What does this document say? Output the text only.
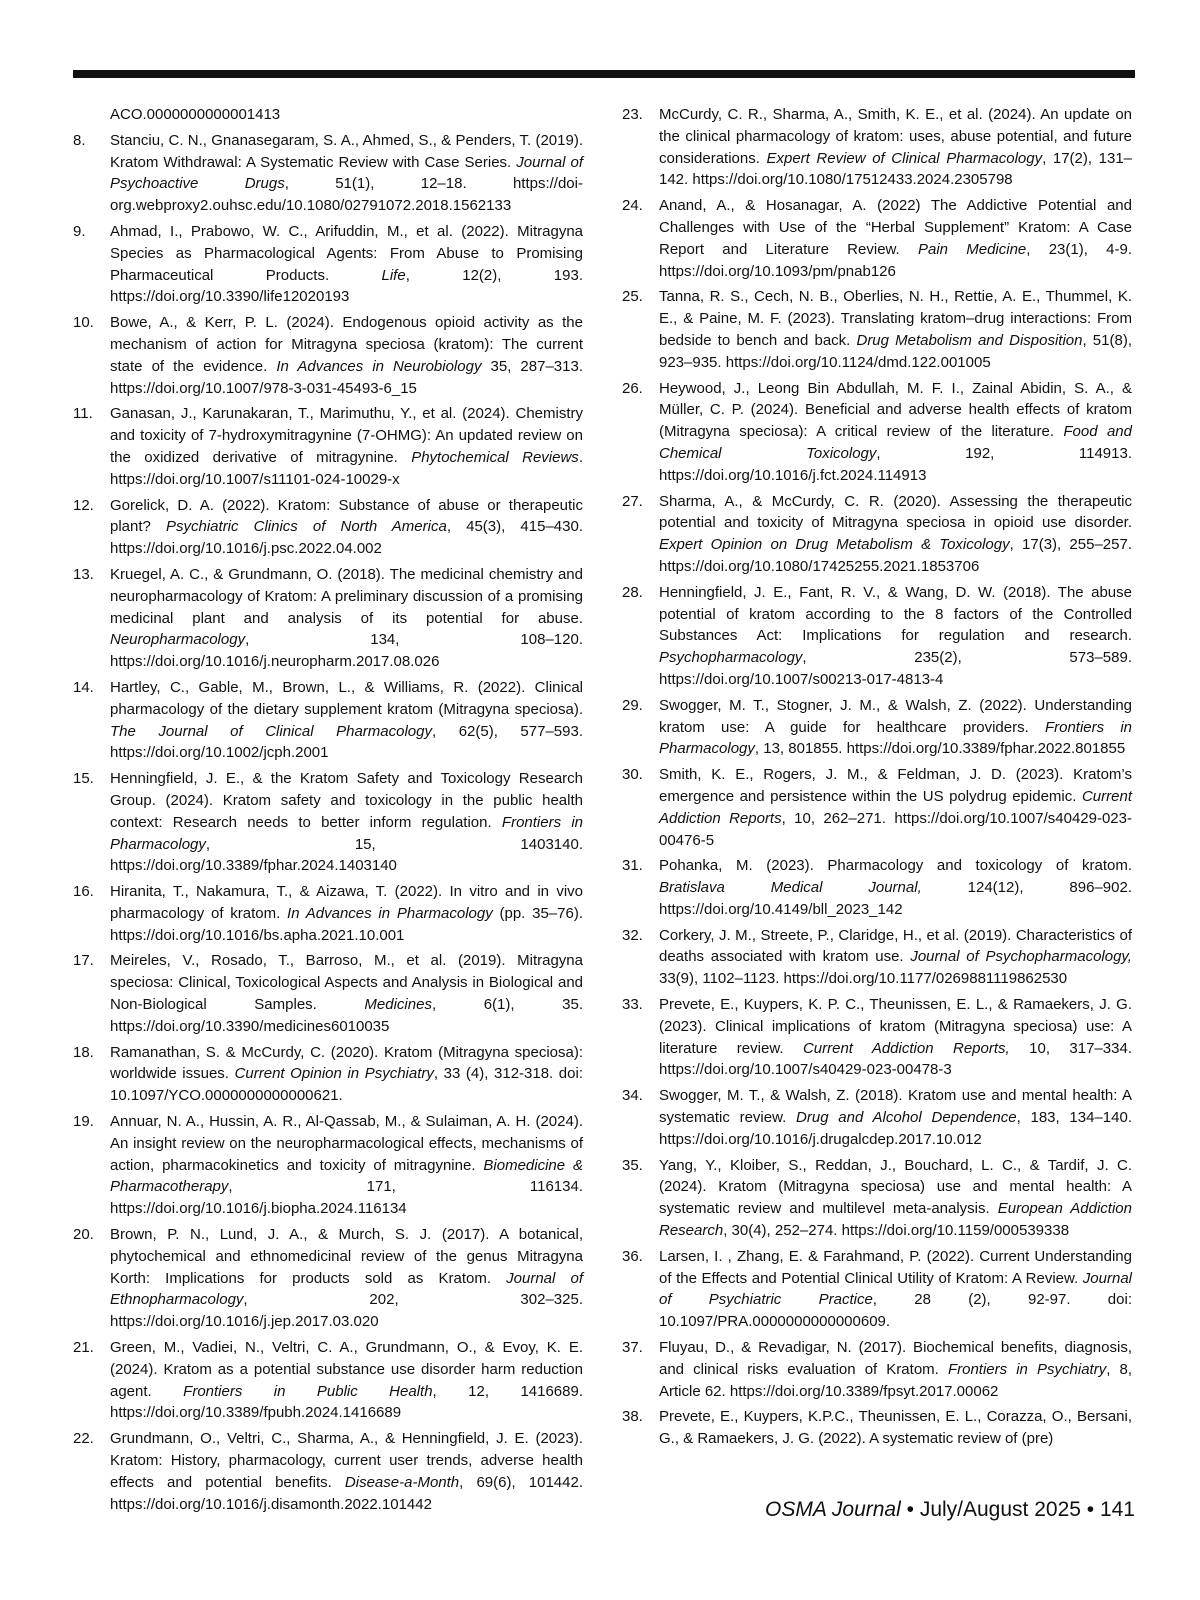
ACO.0000000000001413
8. Stanciu, C. N., Gnanasegaram, S. A., Ahmed, S., & Penders, T. (2019). Kratom Withdrawal: A Systematic Review with Case Series. Journal of Psychoactive Drugs, 51(1), 12–18. https://doi-org.webproxy2.ouhsc.edu/10.1080/02791072.2018.1562133
9. Ahmad, I., Prabowo, W. C., Arifuddin, M., et al. (2022). Mitragyna Species as Pharmacological Agents: From Abuse to Promising Pharmaceutical Products. Life, 12(2), 193. https://doi.org/10.3390/life12020193
10. Bowe, A., & Kerr, P. L. (2024). Endogenous opioid activity as the mechanism of action for Mitragyna speciosa (kratom): The current state of the evidence. In Advances in Neurobiology 35, 287–313. https://doi.org/10.1007/978-3-031-45493-6_15
11. Ganasan, J., Karunakaran, T., Marimuthu, Y., et al. (2024). Chemistry and toxicity of 7-hydroxymitragynine (7-OHMG): An updated review on the oxidized derivative of mitragynine. Phytochemical Reviews. https://doi.org/10.1007/s11101-024-10029-x
12. Gorelick, D. A. (2022). Kratom: Substance of abuse or therapeutic plant? Psychiatric Clinics of North America, 45(3), 415–430. https://doi.org/10.1016/j.psc.2022.04.002
13. Kruegel, A. C., & Grundmann, O. (2018). The medicinal chemistry and neuropharmacology of Kratom: A preliminary discussion of a promising medicinal plant and analysis of its potential for abuse. Neuropharmacology, 134, 108–120. https://doi.org/10.1016/j.neuropharm.2017.08.026
14. Hartley, C., Gable, M., Brown, L., & Williams, R. (2022). Clinical pharmacology of the dietary supplement kratom (Mitragyna speciosa). The Journal of Clinical Pharmacology, 62(5), 577–593. https://doi.org/10.1002/jcph.2001
15. Henningfield, J. E., & the Kratom Safety and Toxicology Research Group. (2024). Kratom safety and toxicology in the public health context: Research needs to better inform regulation. Frontiers in Pharmacology, 15, 1403140. https://doi.org/10.3389/fphar.2024.1403140
16. Hiranita, T., Nakamura, T., & Aizawa, T. (2022). In vitro and in vivo pharmacology of kratom. In Advances in Pharmacology (pp. 35–76). https://doi.org/10.1016/bs.apha.2021.10.001
17. Meireles, V., Rosado, T., Barroso, M., et al. (2019). Mitragyna speciosa: Clinical, Toxicological Aspects and Analysis in Biological and Non-Biological Samples. Medicines, 6(1), 35. https://doi.org/10.3390/medicines6010035
18. Ramanathan, S. & McCurdy, C. (2020). Kratom (Mitragyna speciosa): worldwide issues. Current Opinion in Psychiatry, 33 (4), 312-318. doi: 10.1097/YCO.0000000000000621.
19. Annuar, N. A., Hussin, A. R., Al-Qassab, M., & Sulaiman, A. H. (2024). An insight review on the neuropharmacological effects, mechanisms of action, pharmacokinetics and toxicity of mitragynine. Biomedicine & Pharmacotherapy, 171, 116134. https://doi.org/10.1016/j.biopha.2024.116134
20. Brown, P. N., Lund, J. A., & Murch, S. J. (2017). A botanical, phytochemical and ethnomedicinal review of the genus Mitragyna Korth: Implications for products sold as Kratom. Journal of Ethnopharmacology, 202, 302–325. https://doi.org/10.1016/j.jep.2017.03.020
21. Green, M., Vadiei, N., Veltri, C. A., Grundmann, O., & Evoy, K. E. (2024). Kratom as a potential substance use disorder harm reduction agent. Frontiers in Public Health, 12, 1416689. https://doi.org/10.3389/fpubh.2024.1416689
22. Grundmann, O., Veltri, C., Sharma, A., & Henningfield, J. E. (2023). Kratom: History, pharmacology, current user trends, adverse health effects and potential benefits. Disease-a-Month, 69(6), 101442. https://doi.org/10.1016/j.disamonth.2022.101442
23. McCurdy, C. R., Sharma, A., Smith, K. E., et al. (2024). An update on the clinical pharmacology of kratom: uses, abuse potential, and future considerations. Expert Review of Clinical Pharmacology, 17(2), 131–142. https://doi.org/10.1080/17512433.2024.2305798
24. Anand, A., & Hosanagar, A. (2022) The Addictive Potential and Challenges with Use of the “Herbal Supplement” Kratom: A Case Report and Literature Review. Pain Medicine, 23(1), 4-9. https://doi.org/10.1093/pm/pnab126
25. Tanna, R. S., Cech, N. B., Oberlies, N. H., Rettie, A. E., Thummel, K. E., & Paine, M. F. (2023). Translating kratom–drug interactions: From bedside to bench and back. Drug Metabolism and Disposition, 51(8), 923–935. https://doi.org/10.1124/dmd.122.001005
26. Heywood, J., Leong Bin Abdullah, M. F. I., Zainal Abidin, S. A., & Müller, C. P. (2024). Beneficial and adverse health effects of kratom (Mitragyna speciosa): A critical review of the literature. Food and Chemical Toxicology, 192, 114913. https://doi.org/10.1016/j.fct.2024.114913
27. Sharma, A., & McCurdy, C. R. (2020). Assessing the therapeutic potential and toxicity of Mitragyna speciosa in opioid use disorder. Expert Opinion on Drug Metabolism & Toxicology, 17(3), 255–257. https://doi.org/10.1080/17425255.2021.1853706
28. Henningfield, J. E., Fant, R. V., & Wang, D. W. (2018). The abuse potential of kratom according to the 8 factors of the Controlled Substances Act: Implications for regulation and research. Psychopharmacology, 235(2), 573–589. https://doi.org/10.1007/s00213-017-4813-4
29. Swogger, M. T., Stogner, J. M., & Walsh, Z. (2022). Understanding kratom use: A guide for healthcare providers. Frontiers in Pharmacology, 13, 801855. https://doi.org/10.3389/fphar.2022.801855
30. Smith, K. E., Rogers, J. M., & Feldman, J. D. (2023). Kratom’s emergence and persistence within the US polydrug epidemic. Current Addiction Reports, 10, 262–271. https://doi.org/10.1007/s40429-023-00476-5
31. Pohanka, M. (2023). Pharmacology and toxicology of kratom. Bratislava Medical Journal, 124(12), 896–902. https://doi.org/10.4149/bll_2023_142
32. Corkery, J. M., Streete, P., Claridge, H., et al. (2019). Characteristics of deaths associated with kratom use. Journal of Psychopharmacology, 33(9), 1102–1123. https://doi.org/10.1177/0269881119862530
33. Prevete, E., Kuypers, K. P. C., Theunissen, E. L., & Ramaekers, J. G. (2023). Clinical implications of kratom (Mitragyna speciosa) use: A literature review. Current Addiction Reports, 10, 317–334. https://doi.org/10.1007/s40429-023-00478-3
34. Swogger, M. T., & Walsh, Z. (2018). Kratom use and mental health: A systematic review. Drug and Alcohol Dependence, 183, 134–140. https://doi.org/10.1016/j.drugalcdep.2017.10.012
35. Yang, Y., Kloiber, S., Reddan, J., Bouchard, L. C., & Tardif, J. C. (2024). Kratom (Mitragyna speciosa) use and mental health: A systematic review and multilevel meta-analysis. European Addiction Research, 30(4), 252–274. https://doi.org/10.1159/000539338
36. Larsen, I. , Zhang, E. & Farahmand, P. (2022). Current Understanding of the Effects and Potential Clinical Utility of Kratom: A Review. Journal of Psychiatric Practice, 28 (2), 92-97. doi: 10.1097/PRA.0000000000000609.
37. Fluyau, D., & Revadigar, N. (2017). Biochemical benefits, diagnosis, and clinical risks evaluation of Kratom. Frontiers in Psychiatry, 8, Article 62. https://doi.org/10.3389/fpsyt.2017.00062
38. Prevete, E., Kuypers, K.P.C., Theunissen, E. L., Corazza, O., Bersani, G., & Ramaekers, J. G. (2022). A systematic review of (pre)
OSMA Journal • July/August 2025 • 141
